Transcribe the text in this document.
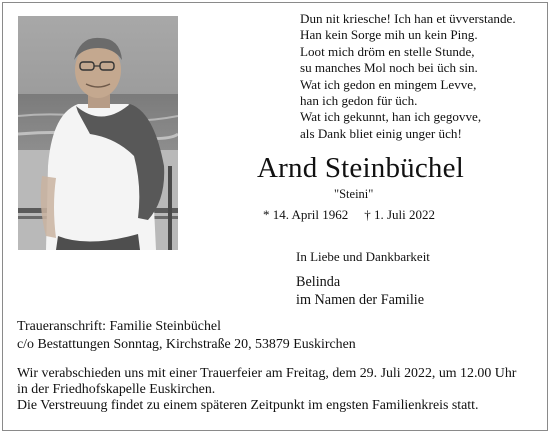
Dun nit kriesche! Ich han et üvverstande.
Han kein Sorge mih un kein Ping.
Loot mich dröm en stelle Stunde,
su manches Mol noch bei üch sin.
Wat ich gedon en mingem Levve,
han ich gedon für üch.
Wat ich gekunnt, han ich gegovve,
als Dank bliet einig unger üch!
Arnd Steinbüchel
"Steini"
* 14. April 1962 † 1. Juli 2022
In Liebe und Dankbarkeit
Belinda
im Namen der Familie
Traueranschrift: Familie Steinbüchel
c/o Bestattungen Sonntag, Kirchstraße 20, 53879 Euskirchen
Wir verabschieden uns mit einer Trauerfeier am Freitag, dem 29. Juli 2022, um 12.00 Uhr
in der Friedhofskapelle Euskirchen.
Die Verstreuung findet zu einem späteren Zeitpunkt im engsten Familienkreis statt.
